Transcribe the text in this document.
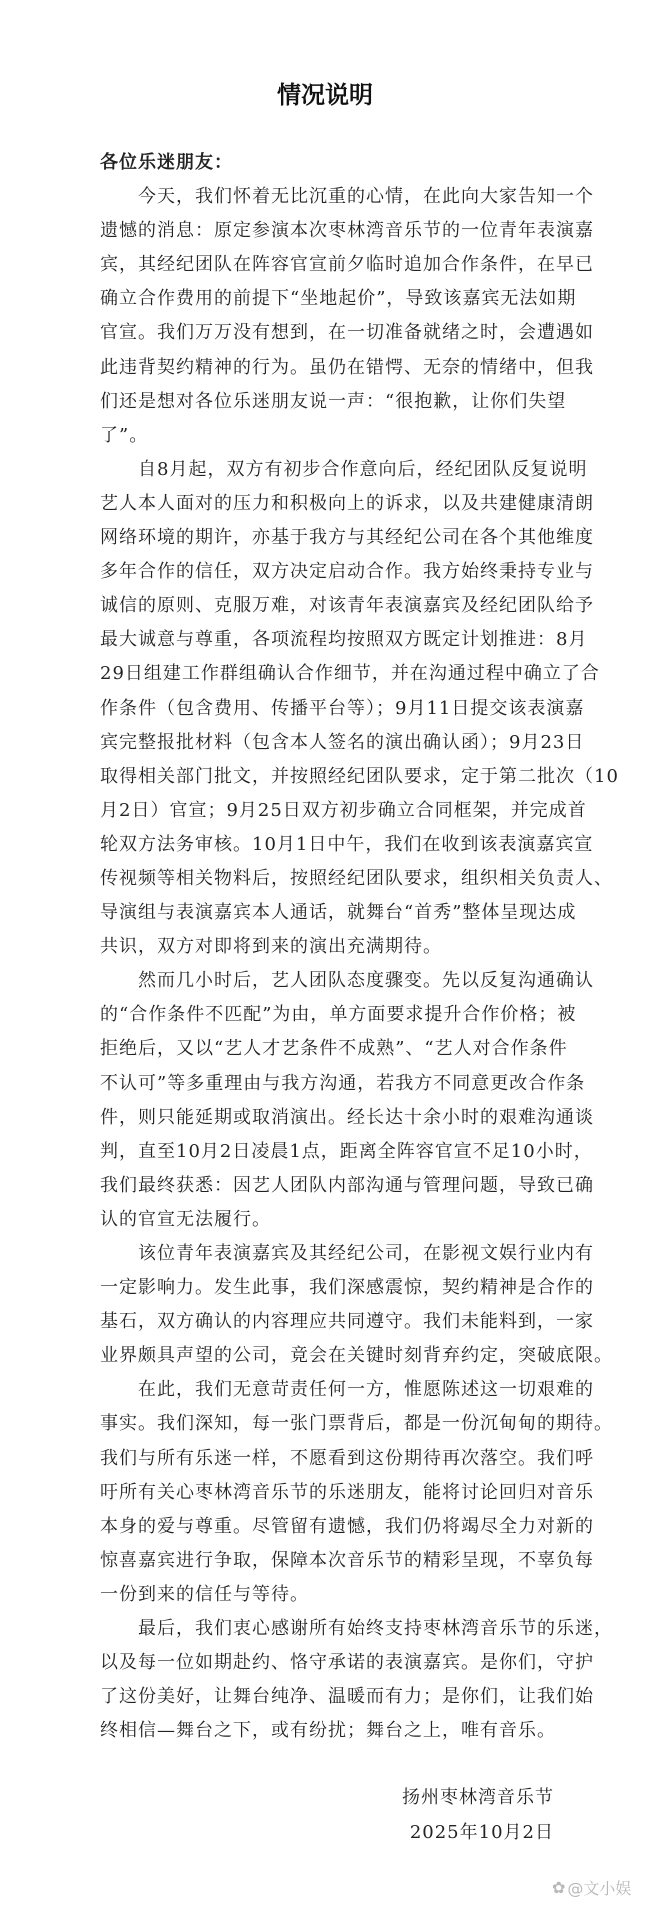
情况说明
各位乐迷朋友：
今天，我们怀着无比沉重的心情，在此向大家告知一个
遗憾的消息：原定参演本次枣林湾音乐节的一位青年表演嘉
宾，其经纪团队在阵容官宣前夕临时追加合作条件，在早已
确立合作费用的前提下“坐地起价”，导致该嘉宾无法如期
官宣。我们万万没有想到，在一切准备就绪之时，会遭遇如
此违背契约精神的行为。虽仍在错愕、无奈的情绪中，但我
们还是想对各位乐迷朋友说一声：“很抱歉，让你们失望
了”。
自8月起，双方有初步合作意向后，经纪团队反复说明
艺人本人面对的压力和积极向上的诉求，以及共建健康清朗
网络环境的期许，亦基于我方与其经纪公司在各个其他维度
多年合作的信任，双方决定启动合作。我方始终秉持专业与
诚信的原则、克服万难，对该青年表演嘉宾及经纪团队给予
最大诚意与尊重，各项流程均按照双方既定计划推进：8月
29日组建工作群组确认合作细节，并在沟通过程中确立了合
作条件（包含费用、传播平台等）；9月11日提交该表演嘉
宾完整报批材料（包含本人签名的演出确认函）；9月23日
取得相关部门批文，并按照经纪团队要求，定于第二批次（10
月2日）官宣；9月25日双方初步确立合同框架，并完成首
轮双方法务审核。10月1日中午，我们在收到该表演嘉宾宣
传视频等相关物料后，按照经纪团队要求，组织相关负责人、
导演组与表演嘉宾本人通话，就舞台“首秀”整体呈现达成
共识，双方对即将到来的演出充满期待。
然而几小时后，艺人团队态度骤变。先以反复沟通确认
的“合作条件不匹配”为由，单方面要求提升合作价格；被
拒绝后，又以“艺人才艺条件不成熟”、“艺人对合作条件
不认可”等多重理由与我方沟通，若我方不同意更改合作条
件，则只能延期或取消演出。经长达十余小时的艰难沟通谈
判，直至10月2日凌晨1点，距离全阵容官宣不足10小时，
我们最终获悉：因艺人团队内部沟通与管理问题，导致已确
认的官宣无法履行。
该位青年表演嘉宾及其经纪公司，在影视文娱行业内有
一定影响力。发生此事，我们深感震惊，契约精神是合作的
基石，双方确认的内容理应共同遵守。我们未能料到，一家
业界颇具声望的公司，竟会在关键时刻背弃约定，突破底限。
在此，我们无意苛责任何一方，惟愿陈述这一切艰难的
事实。我们深知，每一张门票背后，都是一份沉甸甸的期待。
我们与所有乐迷一样，不愿看到这份期待再次落空。我们呼
吁所有关心枣林湾音乐节的乐迷朋友，能将讨论回归对音乐
本身的爱与尊重。尽管留有遗憾，我们仍将竭尽全力对新的
惊喜嘉宾进行争取，保障本次音乐节的精彩呈现，不辜负每
一份到来的信任与等待。
最后，我们衷心感谢所有始终支持枣林湾音乐节的乐迷，
以及每一位如期赴约、恪守承诺的表演嘉宾。是你们，守护
了这份美好，让舞台纯净、温暖而有力；是你们，让我们始
终相信—舞台之下，或有纷扰；舞台之上，唯有音乐。
扬州枣林湾音乐节
2025年10月2日
✿ @文小娱
